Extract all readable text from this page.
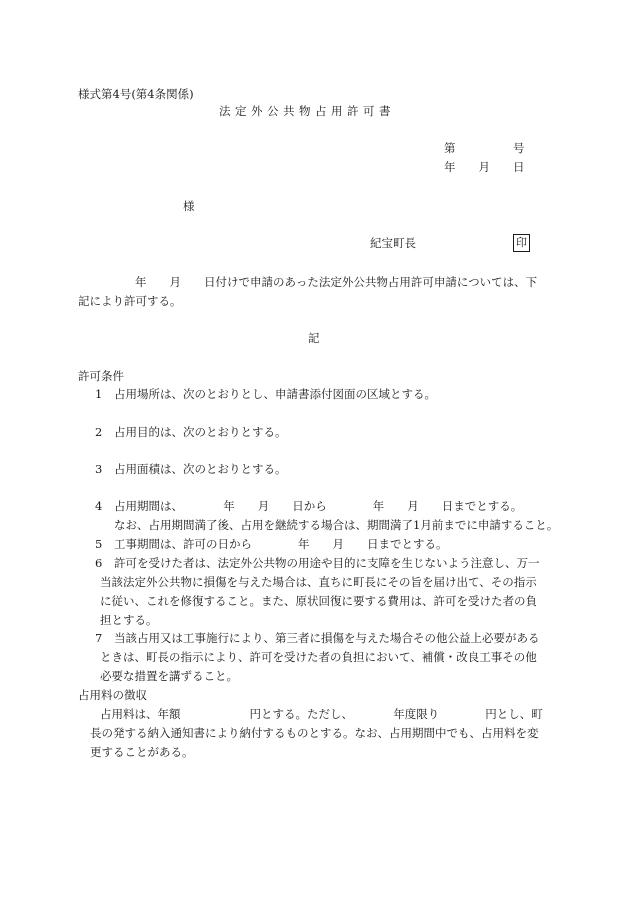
様式第4号(第4条関係)
法定外公共物占用許可書
第　　　　　号
年　　月　　日
様
紀宝町長	印
年　　月　　日付けで申請のあった法定外公共物占用許可申請については、下
記により許可する。
記
許可条件
1 占用場所は、次のとおりとし、申請書添付図面の区域とする。
2 占用目的は、次のとおりとする。
3 占用面積は、次のとおりとする。
4 占用期間は、　　　　年　　月　　日から　　　　年　　月　　日までとする。
なお、占用期間満了後、占用を継続する場合は、期間満了1月前までに申請すること。
5 工事期間は、許可の日から　　　　年　　月　　日までとする。
6 許可を受けた者は、法定外公共物の用途や目的に支障を生じないよう注意し、万一
当該法定外公共物に損傷を与えた場合は、直ちに町長にその旨を届け出て、その指示
に従い、これを修復すること。また、原状回復に要する費用は、許可を受けた者の負
担とする。
7 当該占用又は工事施行により、第三者に損傷を与えた場合その他公益上必要がある
ときは、町長の指示により、許可を受けた者の負担において、補償・改良工事その他
必要な措置を講ずること。
占用料の徴収
占用料は、年額　　　　　　円とする。ただし、　　　　年度限り　　　　円とし、町
長の発する納入通知書により納付するものとする。なお、占用期間中でも、占用料を変
更することがある。
